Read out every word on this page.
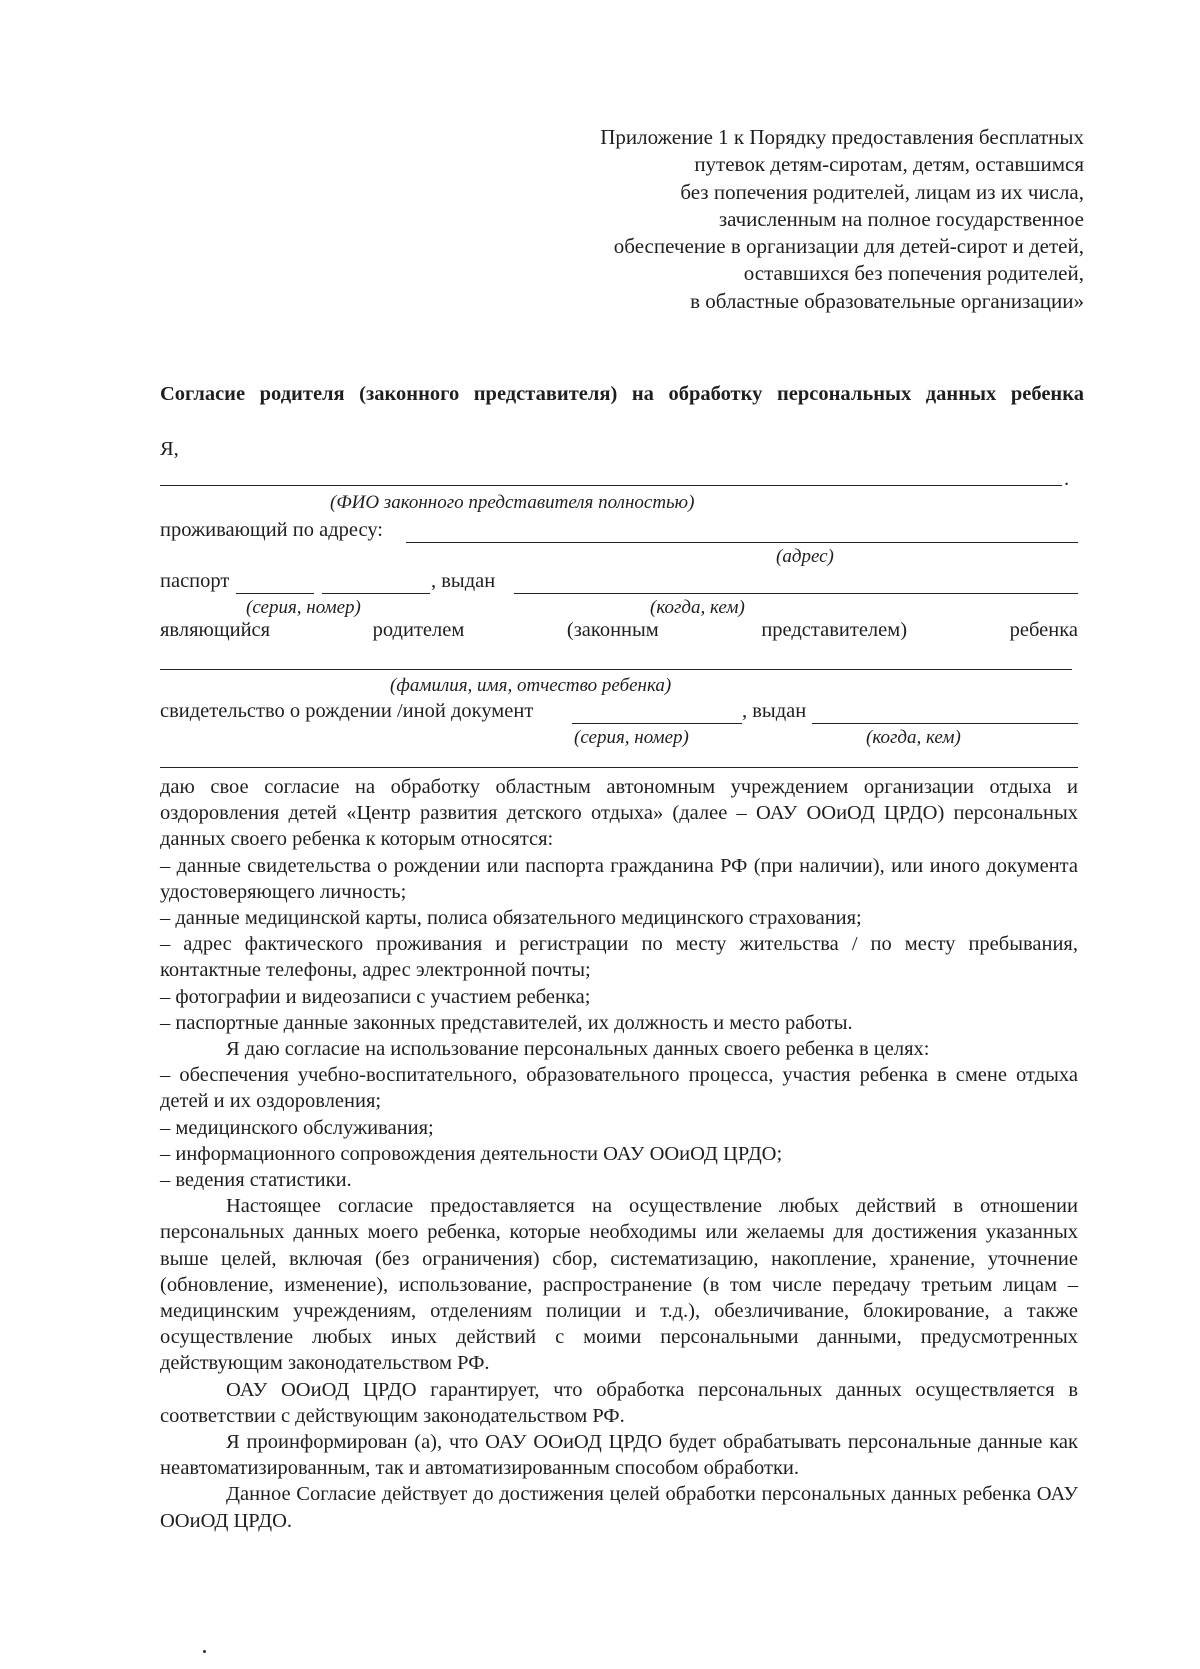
Приложение 1 к Порядку предоставления бесплатных
путевок детям-сиротам, детям, оставшимся
без попечения родителей, лицам из их числа,
зачисленным на полное государственное
обеспечение в организации для детей-сирот и детей,
оставшихся без попечения родителей,
в областные образовательные организации»
Согласие родителя (законного представителя) на обработку персональных данных ребенка
Я,
.
(ФИО законного представителя полностью)
проживающий по адресу:
(адрес)
паспорт	, выдан
(серия, номер)	(когда, кем)
являющийся	родителем	(законным	представителем)	ребенка
(фамилия, имя, отчество ребенка)
свидетельство о рождении /иной документ	, выдан
(серия, номер)	(когда, кем)

даю свое согласие на обработку областным автономным учреждением организации отдыха и оздоровления детей «Центр развития детского отдыха» (далее – ОАУ ООиОД ЦРДО) персональных данных своего ребенка к которым относятся:

– данные свидетельства о рождении или паспорта гражданина РФ (при наличии), или иного документа удостоверяющего личность;

– данные медицинской карты, полиса обязательного медицинского страхования;

– адрес фактического проживания и регистрации по месту жительства / по месту пребывания, контактные телефоны, адрес электронной почты;

– фотографии и видеозаписи с участием ребенка;

– паспортные данные законных представителей, их должность и место работы.

Я даю согласие на использование персональных данных своего ребенка в целях:

– обеспечения учебно-воспитательного, образовательного процесса, участия ребенка в смене отдыха детей и их оздоровления;

– медицинского обслуживания;

– информационного сопровождения деятельности ОАУ ООиОД ЦРДО;

– ведения статистики.

Настоящее согласие предоставляется на осуществление любых действий в отношении персональных данных моего ребенка, которые необходимы или желаемы для достижения указанных выше целей, включая (без ограничения) сбор, систематизацию, накопление, хранение, уточнение (обновление, изменение), использование, распространение (в том числе передачу третьим лицам – медицинским учреждениям, отделениям полиции и т.д.), обезличивание, блокирование, а также осуществление любых иных действий с моими персональными данными, предусмотренных действующим законодательством РФ.

ОАУ ООиОД ЦРДО гарантирует, что обработка персональных данных осуществляется в соответствии с действующим законодательством РФ.

Я проинформирован (а), что ОАУ ООиОД ЦРДО будет обрабатывать персональные данные как неавтоматизированным, так и автоматизированным способом обработки.

Данное Согласие действует до достижения целей обработки персональных данных ребенка ОАУ ООиОД ЦРДО.
